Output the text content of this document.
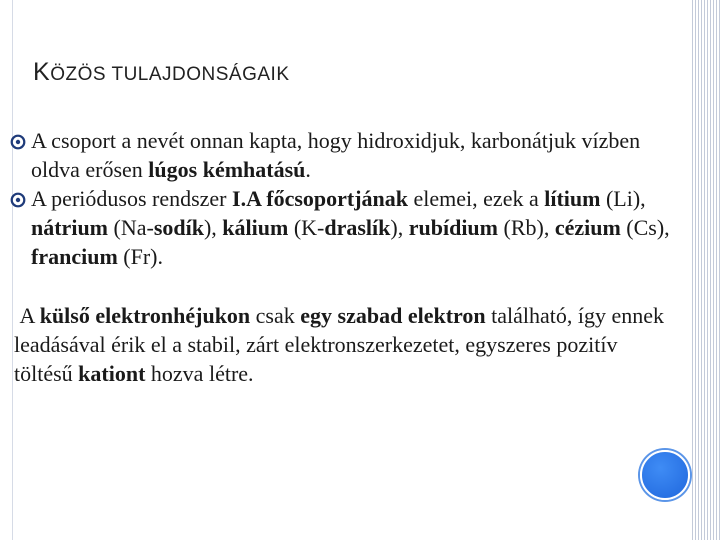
KÖZÖS TULAJDONSÁGAIK
A csoport a nevét onnan kapta, hogy hidroxidjuk, karbonátjuk vízben oldva erősen lúgos kémhatású.
A periódusos rendszer I.A főcsoportjának elemei, ezek a lítium (Li), nátrium (Na-sodík), kálium (K-draslík), rubídium (Rb), cézium (Cs), francium (Fr).
A külső elektronhéjukon csak egy szabad elektron található, így ennek leadásával érik el a stabil, zárt elektronszerkezetet, egyszeres pozitív töltésű kationt hozva létre.
